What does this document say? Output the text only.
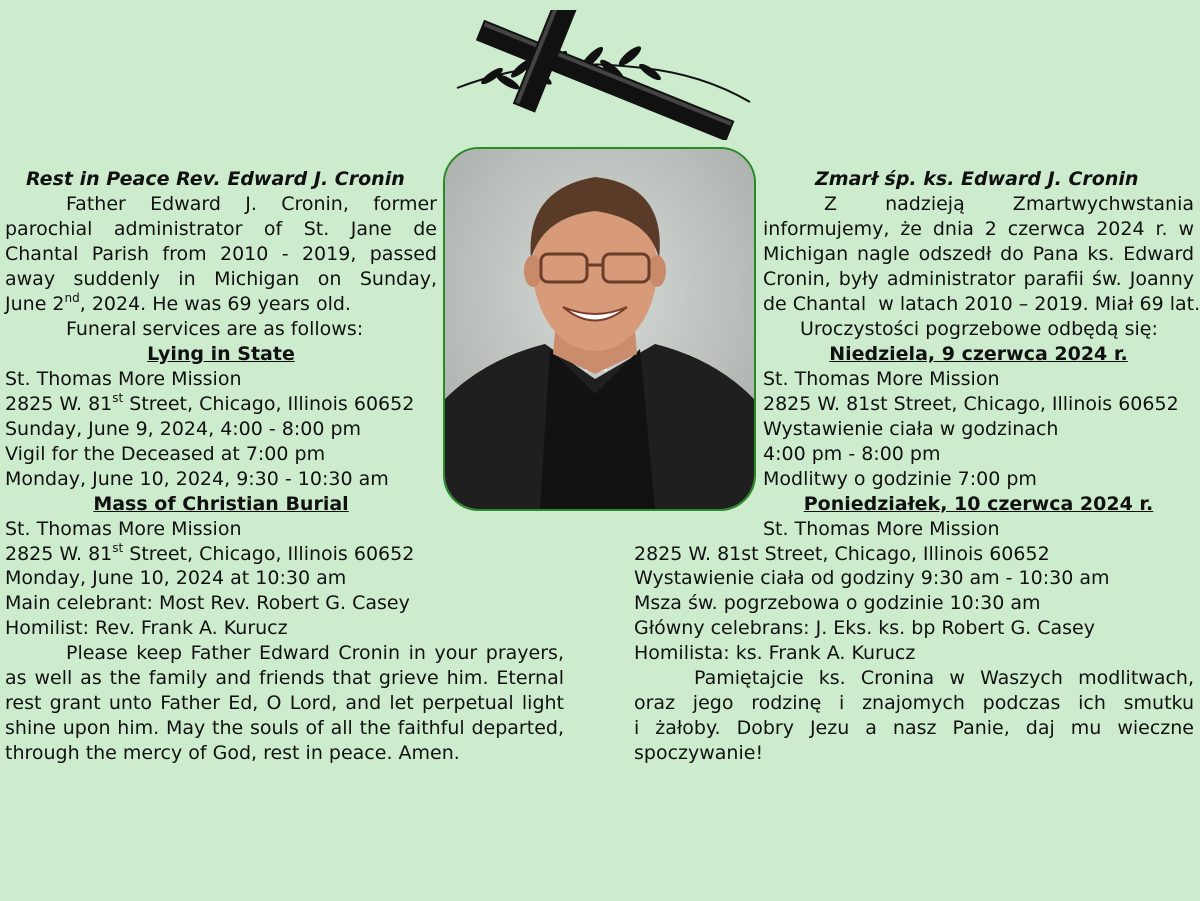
Rest in Peace Rev. Edward J. Cronin
Father Edward J. Cronin, former
parochial administrator of St. Jane de
Chantal Parish from 2010 - 2019, passed
away suddenly in Michigan on Sunday,
June 2nd, 2024. He was 69 years old.
Funeral services are as follows:
Lying in State
St. Thomas More Mission
2825 W. 81st Street, Chicago, Illinois 60652
Sunday, June 9, 2024, 4:00 - 8:00 pm
Vigil for the Deceased at 7:00 pm
Monday, June 10, 2024, 9:30 - 10:30 am
Mass of Christian Burial
St. Thomas More Mission
2825 W. 81st Street, Chicago, Illinois 60652
Monday, June 10, 2024 at 10:30 am
Main celebrant: Most Rev. Robert G. Casey
Homilist: Rev. Frank A. Kurucz
Please keep Father Edward Cronin in your prayers,
as well as the family and friends that grieve him. Eternal
rest grant unto Father Ed, O Lord, and let perpetual light
shine upon him. May the souls of all the faithful departed,
through the mercy of God, rest in peace. Amen.
Zmarł śp. ks. Edward J. Cronin
Z nadzieją Zmartwychwstania
informujemy, że dnia 2 czerwca 2024 r. w
Michigan nagle odszedł do Pana ks. Edward
Cronin, były administrator parafii św. Joanny
de Chantal  w latach 2010 – 2019. Miał 69 lat.
Uroczystości pogrzebowe odbędą się:
Niedziela, 9 czerwca 2024 r.
St. Thomas More Mission
2825 W. 81st Street, Chicago, Illinois 60652
Wystawienie ciała w godzinach
4:00 pm - 8:00 pm
Modlitwy o godzinie 7:00 pm
Poniedziałek, 10 czerwca 2024 r.
St. Thomas More Mission
2825 W. 81st Street, Chicago, Illinois 60652
Wystawienie ciała od godziny 9:30 am - 10:30 am
Msza św. pogrzebowa o godzinie 10:30 am
Główny celebrans: J. Eks. ks. bp Robert G. Casey
Homilista: ks. Frank A. Kurucz
Pamiętajcie ks. Cronina w Waszych modlitwach,
oraz jego rodzinę i znajomych podczas ich smutku
i żałoby. Dobry Jezu a nasz Panie, daj mu wieczne
spoczywanie!
